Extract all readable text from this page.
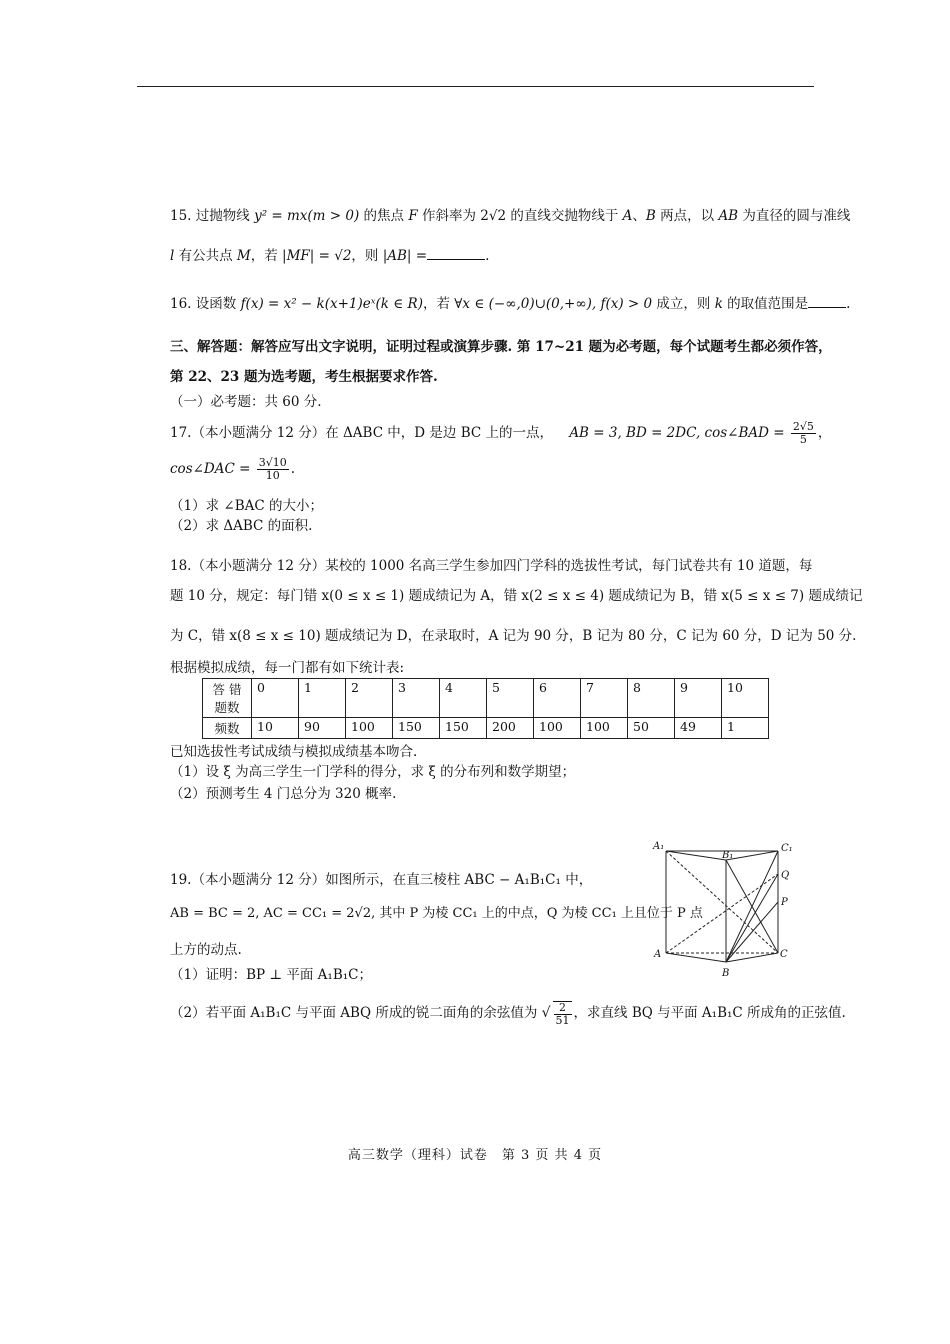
15. 过抛物线 y² = mx(m > 0) 的焦点 F 作斜率为 2√2 的直线交抛物线于 A、B 两点，以 AB 为直径的圆与准线
l 有公共点 M，若 |MF| = √2，则 |AB| =	.
16. 设函数 f(x) = x² − k(x+1)eˣ(k ∈ R)，若 ∀x ∈ (−∞,0)∪(0,+∞), f(x) > 0 成立，则 k 的取值范围是	.
三、解答题：解答应写出文字说明，证明过程或演算步骤. 第 17~21 题为必考题，每个试题考生都必须作答，
第 22、23 题为选考题，考生根据要求作答.
（一）必考题：共 60 分.
17.（本小题满分 12 分）在 ΔABC 中，D 是边 BC 上的一点， AB = 3, BD = 2DC, cos∠BAD = $\frac{2√5}{5}$ ，
cos∠DAC = $\frac{3√10}{10}$ .
（1）求 ∠BAC 的大小；
（2）求 ΔABC 的面积.
18.（本小题满分 12 分）某校的 1000 名高三学生参加四门学科的选拔性考试，每门试卷共有 10 道题，每
题 10 分，规定：每门错 x(0 ≤ x ≤ 1) 题成绩记为 A，错 x(2 ≤ x ≤ 4) 题成绩记为 B，错 x(5 ≤ x ≤ 7) 题成绩记
为 C，错 x(8 ≤ x ≤ 10) 题成绩记为 D，在录取时，A 记为 90 分，B 记为 80 分，C 记为 60 分，D 记为 50 分.
根据模拟成绩，每一门都有如下统计表:
答 错
题数	0	1	2	3	4	5	6	7	8	9	10
频数	10	90	100	150	150	200	100	100	50	49	1
已知选拔性考试成绩与模拟成绩基本吻合.
（1）设 ξ 为高三学生一门学科的得分，求 ξ 的分布列和数学期望；
（2）预测考生 4 门总分为 320 概率.
19.（本小题满分 12 分）如图所示，在直三棱柱 ABC − A₁B₁C₁ 中，
AB = BC = 2, AC = CC₁ = 2√2, 其中 P 为棱 CC₁ 上的中点，Q 为棱 CC₁ 上且位于 P 点
上方的动点.
（1）证明：BP ⊥ 平面 A₁B₁C；
（2）若平面 A₁B₁C 与平面 ABQ 所成的锐二面角的余弦值为 √ $\frac{2}{51}$ ，求直线 BQ 与平面 A₁B₁C 所成角的正弦值.
A₁
B₁
C₁
Q
P
A
B
C
高三数学（理科）试卷　第 3 页 共 4 页
